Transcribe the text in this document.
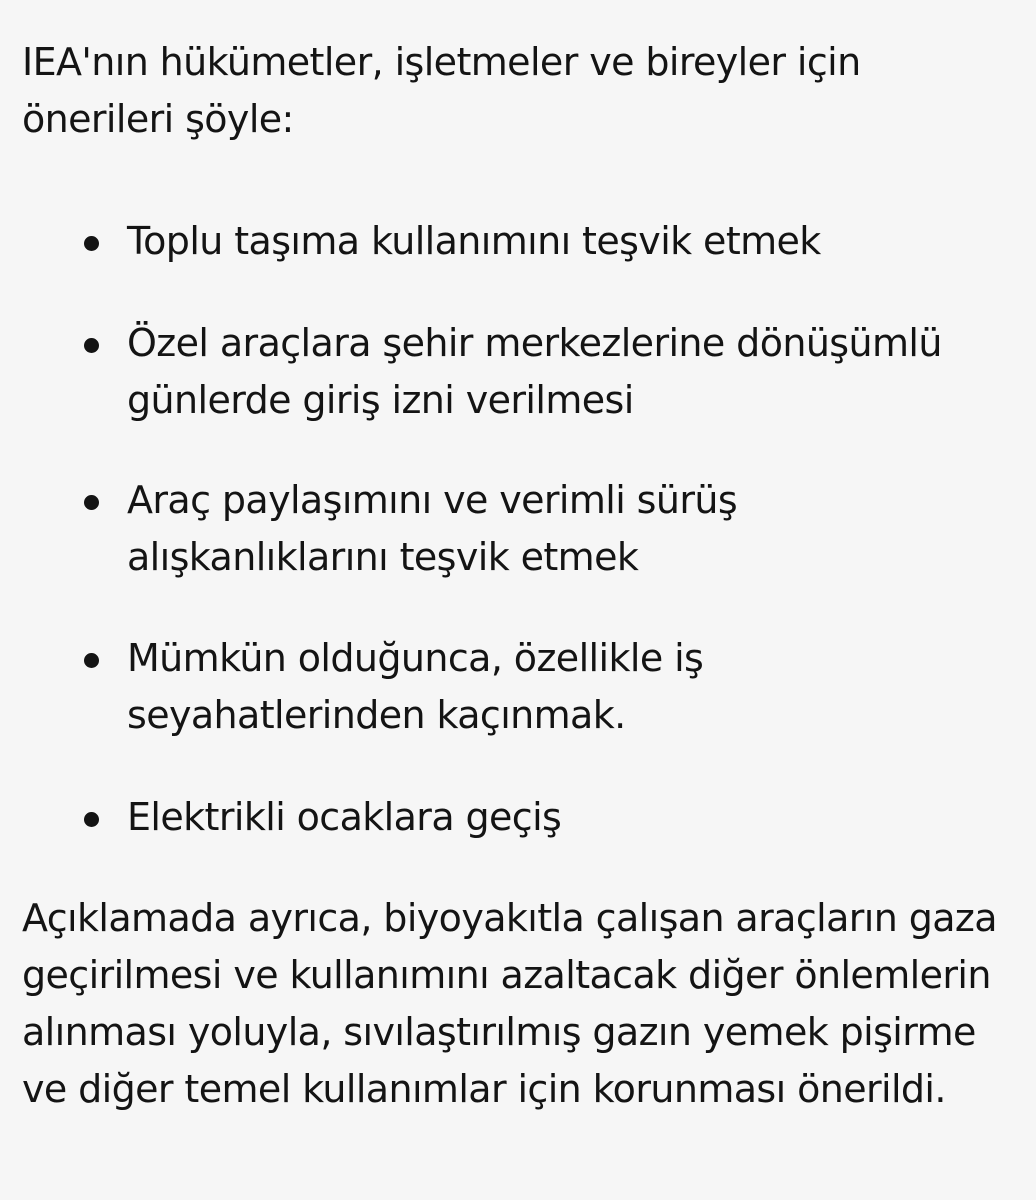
IEA'nın hükümetler, işletmeler ve bireyler için önerileri şöyle:

Toplu taşıma kullanımını teşvik etmek
Özel araçlara şehir merkezlerine dönüşümlü günlerde giriş izni verilmesi
Araç paylaşımını ve verimli sürüş alışkanlıklarını teşvik etmek
Mümkün olduğunca, özellikle iş seyahatlerinden kaçınmak.
Elektrikli ocaklara geçiş

Açıklamada ayrıca, biyoyakıtla çalışan araçların gaza geçirilmesi ve kullanımını azaltacak diğer önlemlerin alınması yoluyla, sıvılaştırılmış gazın yemek pişirme ve diğer temel kullanımlar için korunması önerildi.
